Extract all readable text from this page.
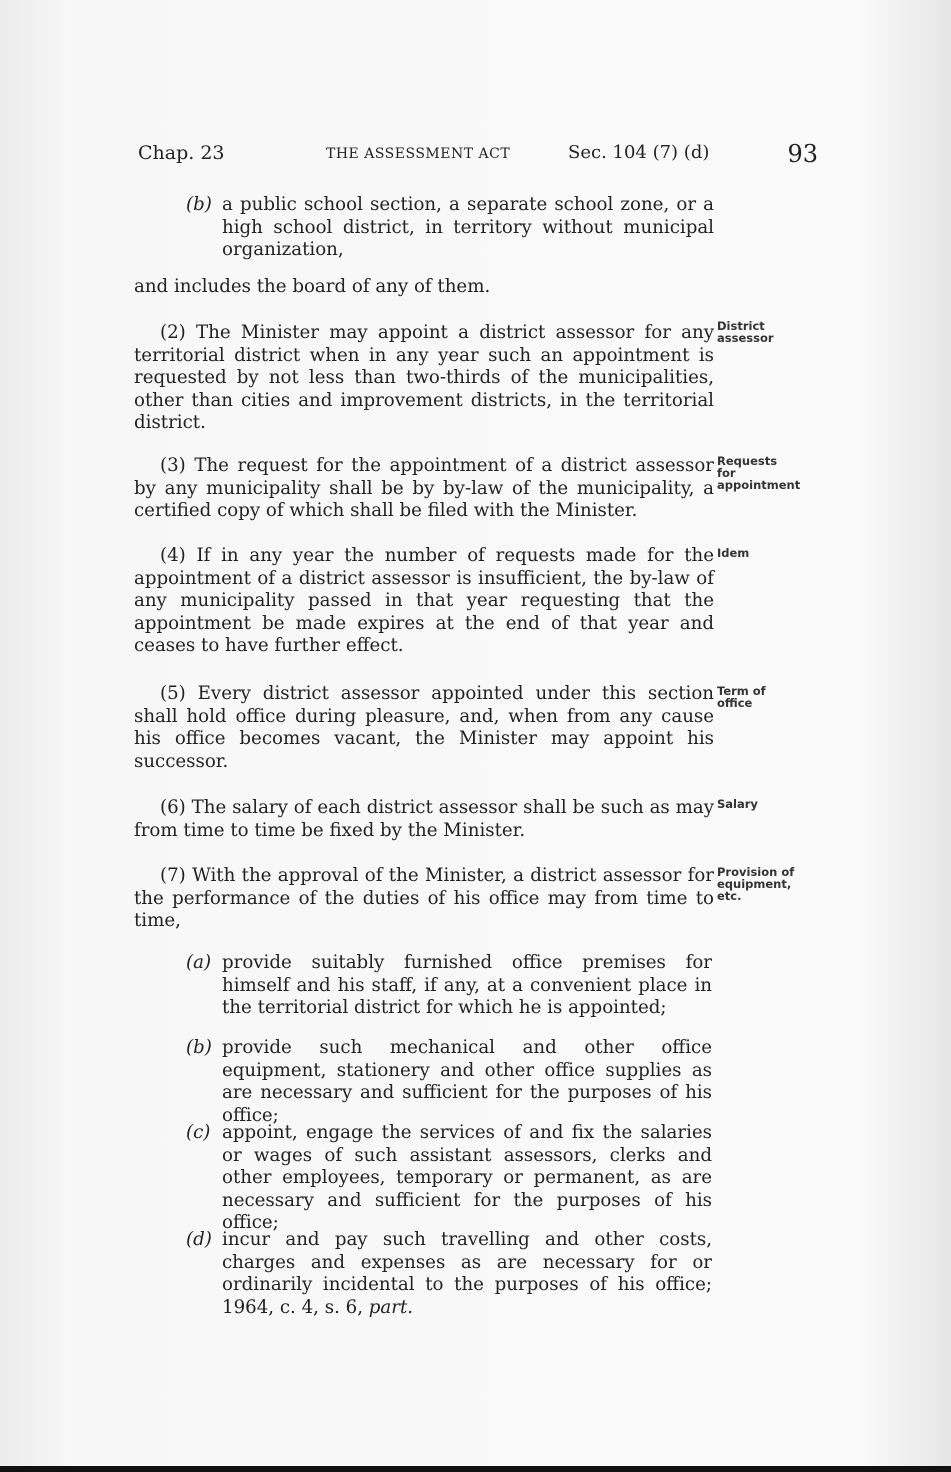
Chap. 23	THE ASSESSMENT ACT	Sec. 104 (7) (d)	93

(b) a public school section, a separate school zone, or a high school district, in territory without municipal organization,

and includes the board of any of them.

(2) The Minister may appoint a district assessor for any territorial district when in any year such an appointment is requested by not less than two-thirds of the municipalities, other than cities and improvement districts, in the territorial district.

District assessor

(3) The request for the appointment of a district assessor by any municipality shall be by by-law of the municipality, a certified copy of which shall be filed with the Minister.

Requests for appointment

(4) If in any year the number of requests made for the appointment of a district assessor is insufficient, the by-law of any municipality passed in that year requesting that the appointment be made expires at the end of that year and ceases to have further effect.

Idem

(5) Every district assessor appointed under this section shall hold office during pleasure, and, when from any cause his office becomes vacant, the Minister may appoint his successor.

Term of office

(6) The salary of each district assessor shall be such as may from time to time be fixed by the Minister.

Salary

(7) With the approval of the Minister, a district assessor for the performance of the duties of his office may from time to time,

Provision of equipment, etc.

(a) provide suitably furnished office premises for himself and his staff, if any, at a convenient place in the territorial district for which he is appointed;

(b) provide such mechanical and other office equipment, stationery and other office supplies as are necessary and sufficient for the purposes of his office;

(c) appoint, engage the services of and fix the salaries or wages of such assistant assessors, clerks and other employees, temporary or permanent, as are necessary and sufficient for the purposes of his office;

(d) incur and pay such travelling and other costs, charges and expenses as are necessary for or ordinarily incidental to the purposes of his office; 1964, c. 4, s. 6, part.
